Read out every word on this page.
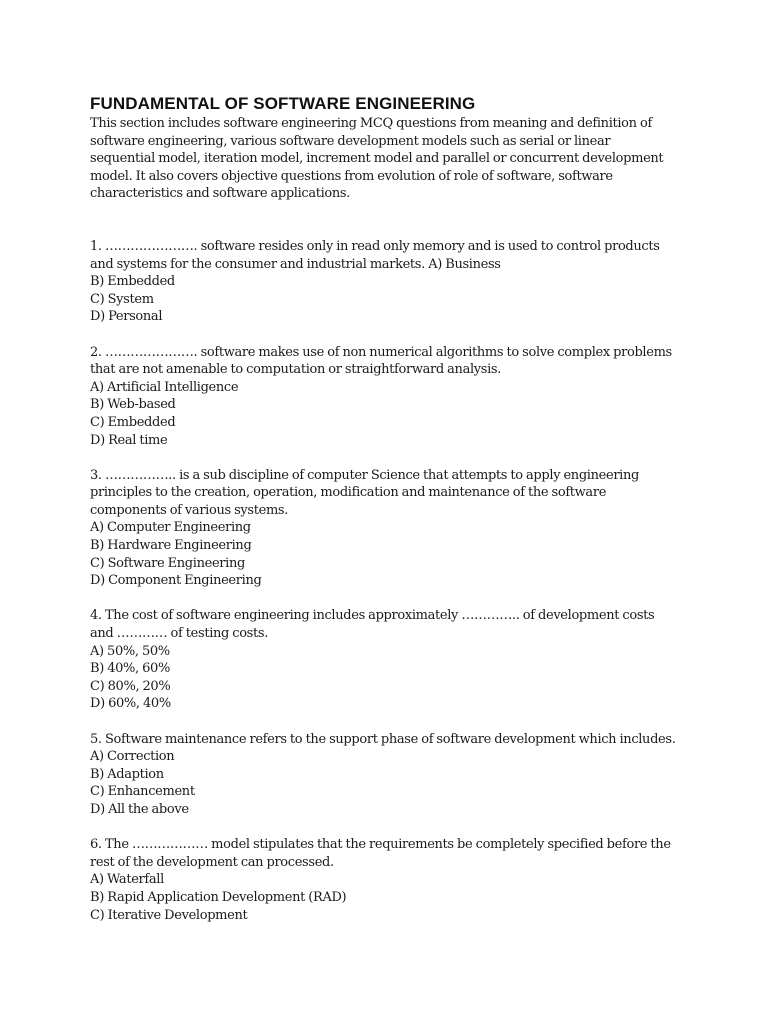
FUNDAMENTAL OF SOFTWARE ENGINEERING
This section includes software engineering MCQ questions from meaning and definition of
software engineering, various software development models such as serial or linear
sequential model, iteration model, increment model and parallel or concurrent development
model. It also covers objective questions from evolution of role of software, software
characteristics and software applications.
1. …………………. software resides only in read only memory and is used to control products
and systems for the consumer and industrial markets. A) Business
B) Embedded
C) System
D) Personal
2. …………………. software makes use of non numerical algorithms to solve complex problems
that are not amenable to computation or straightforward analysis.
A) Artificial Intelligence
B) Web-based
C) Embedded
D) Real time
3. …………….. is a sub discipline of computer Science that attempts to apply engineering
principles to the creation, operation, modification and maintenance of the software
components of various systems.
A) Computer Engineering
B) Hardware Engineering
C) Software Engineering
D) Component Engineering
4. The cost of software engineering includes approximately ………….. of development costs
and ………… of testing costs.
A) 50%, 50%
B) 40%, 60%
C) 80%, 20%
D) 60%, 40%
5. Software maintenance refers to the support phase of software development which includes.
A) Correction
B) Adaption
C) Enhancement
D) All the above
6. The ……………… model stipulates that the requirements be completely specified before the
rest of the development can processed.
A) Waterfall
B) Rapid Application Development (RAD)
C) Iterative Development
